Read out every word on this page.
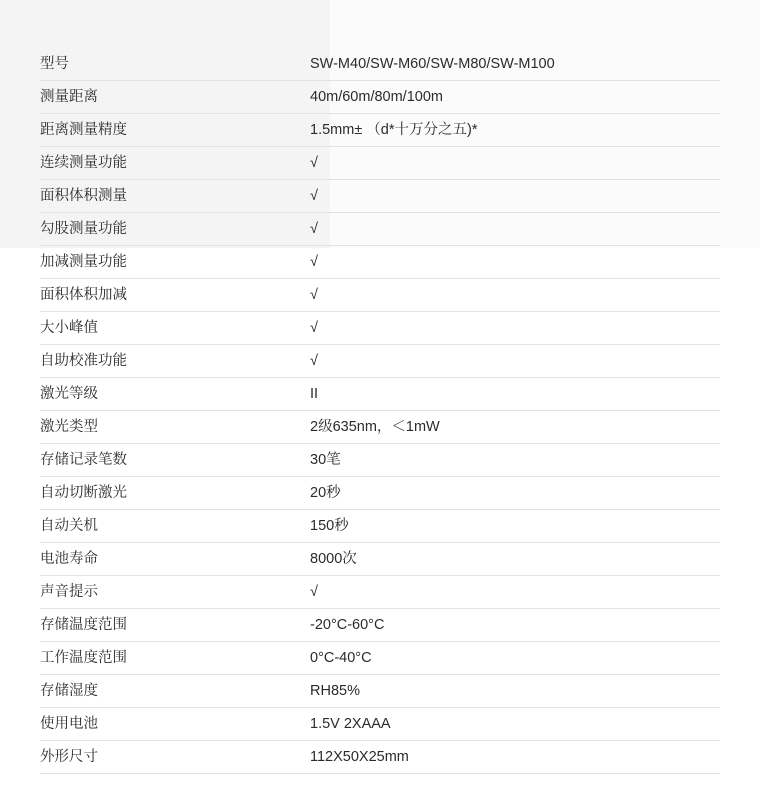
型号	SW-M40/SW-M60/SW-M80/SW-M100
测量距离	40m/60m/80m/100m
距离测量精度	1.5mm± （d*十万分之五)*
连续测量功能	√
面积体积测量	√
勾股测量功能	√
加减测量功能	√
面积体积加减	√
大小峰值	√
自助校准功能	√
激光等级	II
激光类型	2级635nm，＜1mW
存储记录笔数	30笔
自动切断激光	20秒
自动关机	150秒
电池寿命	8000次
声音提示	√
存储温度范围	-20°C-60°C
工作温度范围	0°C-40°C
存储湿度	RH85%
使用电池	1.5V 2XAAA
外形尺寸	112X50X25mm
